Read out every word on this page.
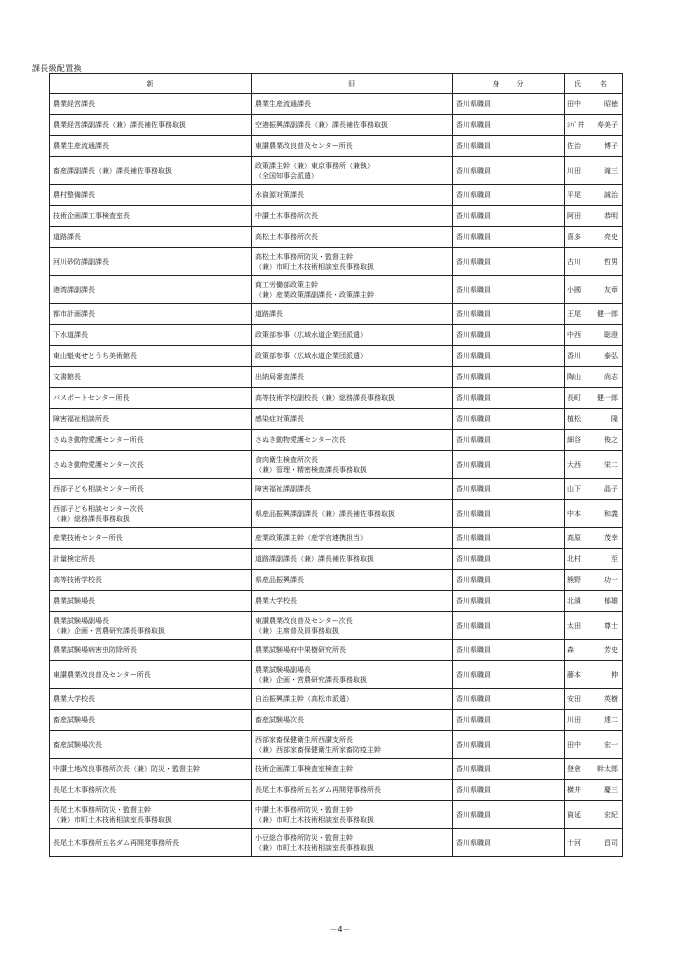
課長級配置換
新	旧	身　　分	氏　名
農業経営課長	農業生産流通課長	香川県職員	田中 昭徳

農業経営課副課長（兼）課長補佐事務取扱	空港振興課副課長（兼）課長補佐事務取扱	香川県職員	ｼﾊﾞ井 寿美子

農業生産流通課長	東讃農業改良普及センター所長	香川県職員	佐治 博子

畜産課副課長（兼）課長補佐事務取扱	政策課主幹（兼）東京事務所（兼執）
（全国知事会派遣）	香川県職員	川田 滝三

農村整備課長	水資源対策課長	香川県職員	平尾 誠治

技術企画課工事検査室長	中讃土木事務所次長	香川県職員	阿田 恭明

道路課長	高松土木事務所次長	香川県職員	喜多 亮史

河川砂防課副課長	高松土木事務所防災・監督主幹
（兼）市町土木技術相談室長事務取扱	香川県職員	古川 哲男

港湾課副課長	商工労働部政策主幹
（兼）産業政策課副課長・政策課主幹	香川県職員	小國 友章

都市計画課長	道路課長	香川県職員	王尾 健一郎

下水道課長	政策部参事（広域水道企業団派遣）	香川県職員	中西 聡澄

東山魁夷せとうち美術館長	政策部参事（広域水道企業団派遣）	香川県職員	香川 泰弘

文書館長	出納局審査課長	香川県職員	陶山 尚志

パスポートセンター所長	高等技術学校副校長（兼）総務課長事務取扱	香川県職員	長町 健一郎

障害福祉相談所長	感染症対策課長	香川県職員	植松 隆

さぬき動物愛護センター所長	さぬき動物愛護センター次長	香川県職員	細谷 俊之

さぬき動物愛護センター次長	食肉衛生検査所次長
（兼）管理・精密検査課長事務取扱	香川県職員	大西 栄二

西部子ども相談センター所長	障害福祉課副課長	香川県職員	山下 晶子

西部子ども相談センター次長
（兼）総務課長事務取扱	県産品振興課副課長（兼）課長補佐事務取扱	香川県職員	中本 和義

産業技術センター所長	産業政策課主幹（産学官連携担当）	香川県職員	高原 茂幸

計量検定所長	道路課副課長（兼）課長補佐事務取扱	香川県職員	北村 至

高等技術学校長	県産品振興課長	香川県職員	熊野 功一

農業試験場長	農業大学校長	香川県職員	北濱 郁雄

農業試験場副場長
（兼）企画・営農研究課長事務取扱	東讃農業改良普及センター次長
（兼）主席普及員事務取扱	香川県職員	太田 尊士

農業試験場病害虫防除所長	農業試験場府中果樹研究所長	香川県職員	森 芳史

東讃農業改良普及センター所長	農業試験場副場長
（兼）企画・営農研究課長事務取扱	香川県職員	藤本 伸

農業大学校長	自治振興課主幹（高松市派遣）	香川県職員	安田 英樹

畜産試験場長	畜産試験場次長	香川県職員	川田 達二

畜産試験場次長	西部家畜保健衛生所西讃支所長
（兼）西部家畜保健衛生所家畜防疫主幹	香川県職員	田中 宏一

中讃土地改良事務所次長（兼）防災・監督主幹	技術企画課工事検査室検査主幹	香川県職員	登倉 幹太郎

長尾土木事務所次長	長尾土木事務所五名ダム再開発事務所長	香川県職員	横井 慶三

長尾土木事務所防災・監督主幹
（兼）市町土木技術相談室長事務取扱	中讃土木事務所防災・監督主幹
（兼）市町土木技術相談室長事務取扱	香川県職員	資延 宏紀

長尾土木事務所五名ダム再開発事務所長	小豆総合事務所防災・監督主幹
（兼）市町土木技術相談室長事務取扱	香川県職員	十河 昌司
－4－
